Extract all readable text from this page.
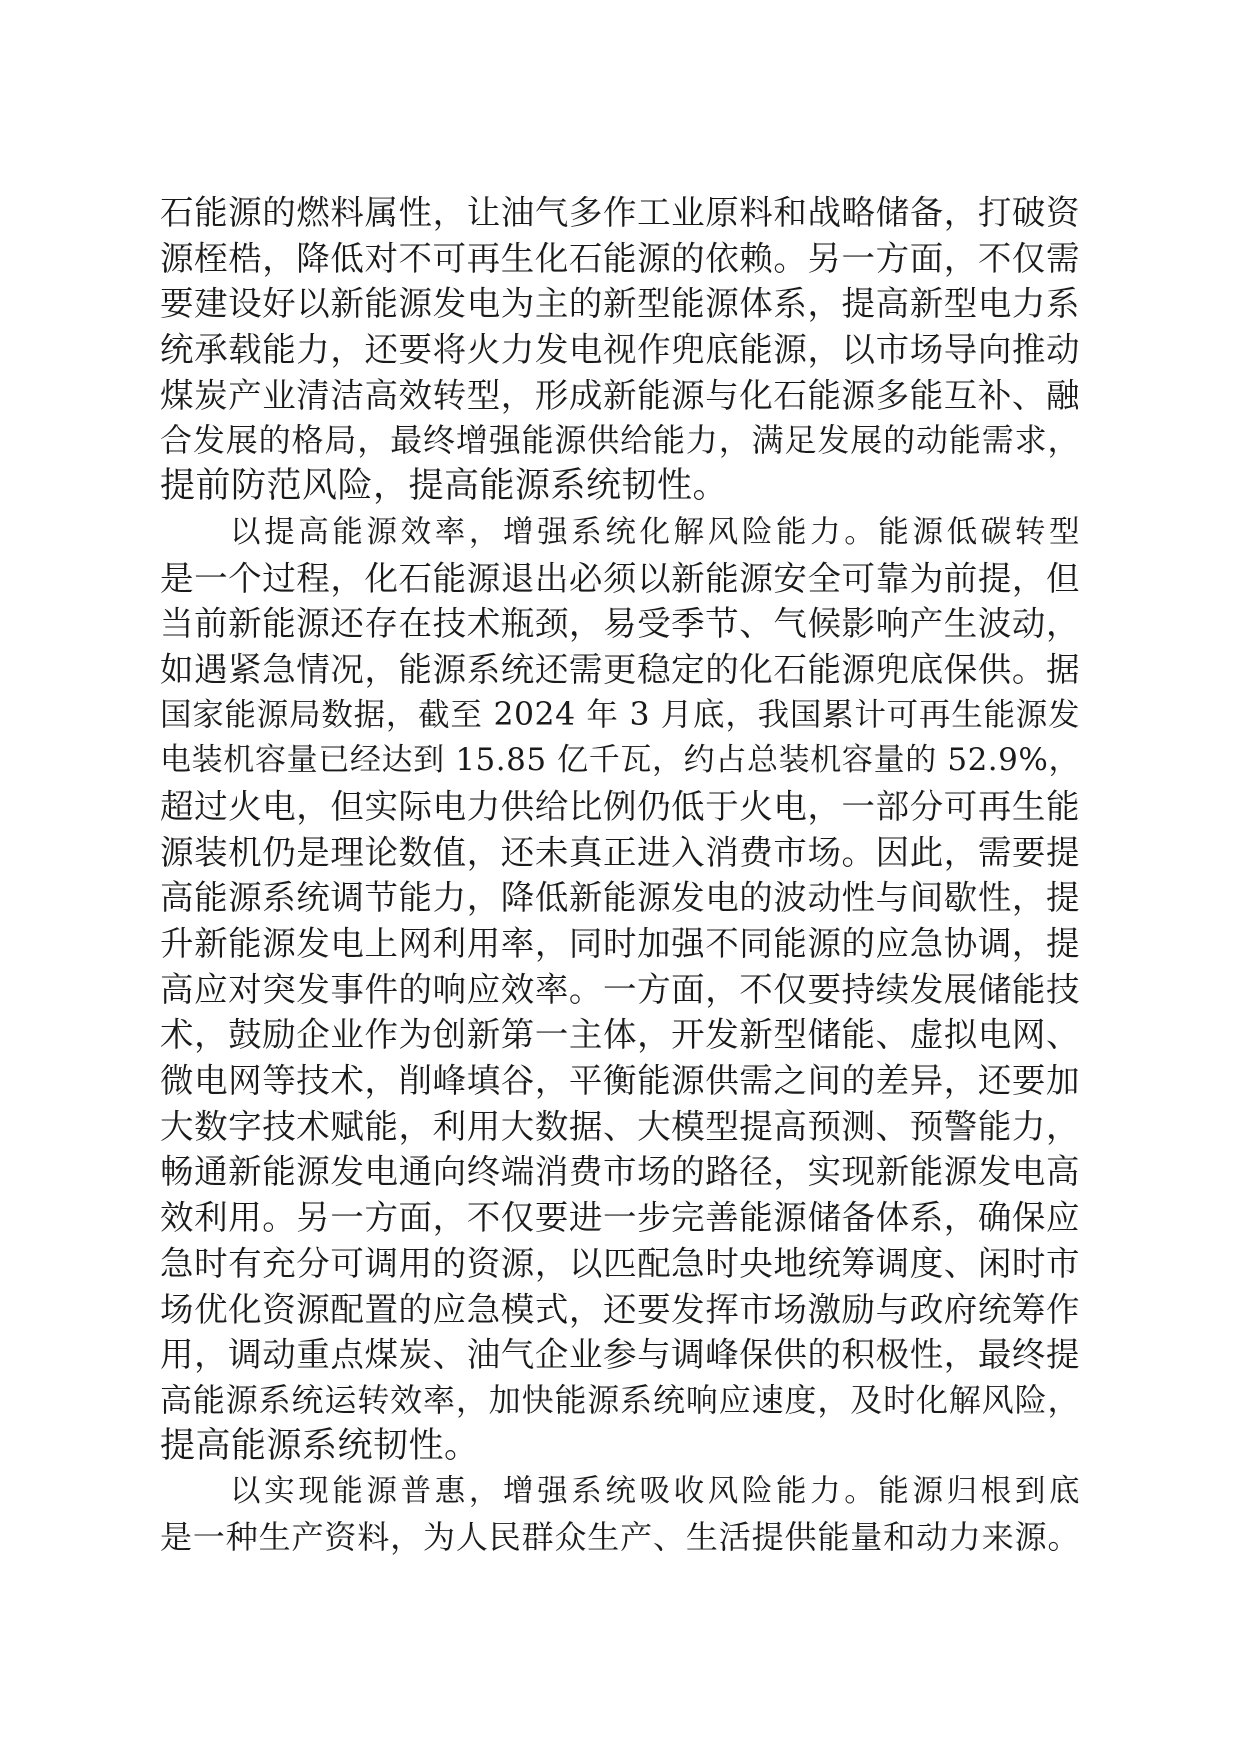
石能源的燃料属性，让油气多作工业原料和战略储备，打破资
源桎梏，降低对不可再生化石能源的依赖。另一方面，不仅需
要建设好以新能源发电为主的新型能源体系，提高新型电力系
统承载能力，还要将火力发电视作兜底能源，以市场导向推动
煤炭产业清洁高效转型，形成新能源与化石能源多能互补、融
合发展的格局，最终增强能源供给能力，满足发展的动能需求，
提前防范风险，提高能源系统韧性。
以提高能源效率，增强系统化解风险能力。能源低碳转型
是一个过程，化石能源退出必须以新能源安全可靠为前提，但
当前新能源还存在技术瓶颈，易受季节、气候影响产生波动，
如遇紧急情况，能源系统还需更稳定的化石能源兜底保供。据
国家能源局数据，截至 2024 年 3 月底，我国累计可再生能源发
电装机容量已经达到 15.85 亿千瓦，约占总装机容量的 52.9%，
超过火电，但实际电力供给比例仍低于火电，一部分可再生能
源装机仍是理论数值，还未真正进入消费市场。因此，需要提
高能源系统调节能力，降低新能源发电的波动性与间歇性，提
升新能源发电上网利用率，同时加强不同能源的应急协调，提
高应对突发事件的响应效率。一方面，不仅要持续发展储能技
术，鼓励企业作为创新第一主体，开发新型储能、虚拟电网、
微电网等技术，削峰填谷，平衡能源供需之间的差异，还要加
大数字技术赋能，利用大数据、大模型提高预测、预警能力，
畅通新能源发电通向终端消费市场的路径，实现新能源发电高
效利用。另一方面，不仅要进一步完善能源储备体系，确保应
急时有充分可调用的资源，以匹配急时央地统筹调度、闲时市
场优化资源配置的应急模式，还要发挥市场激励与政府统筹作
用，调动重点煤炭、油气企业参与调峰保供的积极性，最终提
高能源系统运转效率，加快能源系统响应速度，及时化解风险，
提高能源系统韧性。
以实现能源普惠，增强系统吸收风险能力。能源归根到底
是一种生产资料，为人民群众生产、生活提供能量和动力来源。
